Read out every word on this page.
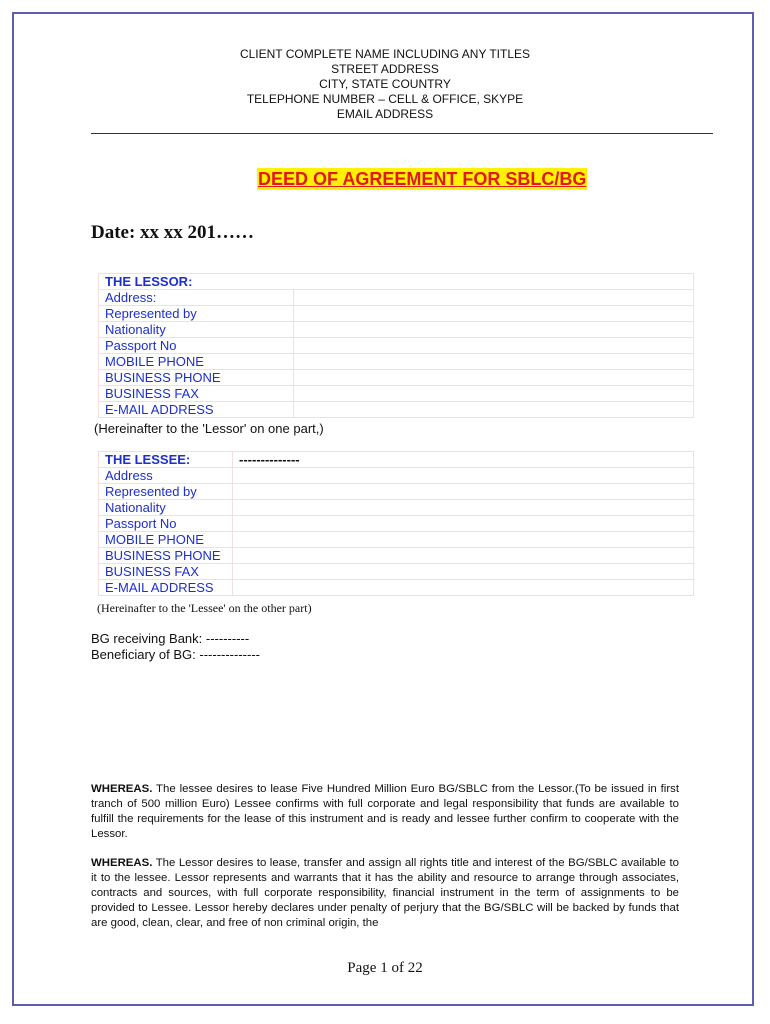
CLIENT COMPLETE NAME INCLUDING ANY TITLES
STREET ADDRESS
CITY, STATE COUNTRY
TELEPHONE NUMBER – CELL & OFFICE, SKYPE
EMAIL ADDRESS
DEED OF AGREEMENT FOR SBLC/BG
Date: xx xx 201……
THE LESSOR:	
Address:	
Represented by	
Nationality	
Passport No	
MOBILE PHONE	
BUSINESS PHONE	
BUSINESS FAX	
E-MAIL ADDRESS	
(Hereinafter to the 'Lessor' on one part,)
THE LESSEE:	--------------
Address	
Represented by	
Nationality	
Passport No	
MOBILE PHONE	
BUSINESS PHONE	
BUSINESS FAX	
E-MAIL ADDRESS	
(Hereinafter to the 'Lessee' on the other part)
BG receiving Bank: ----------
Beneficiary of BG: --------------
WHEREAS. The lessee desires to lease Five Hundred Million Euro BG/SBLC from the Lessor.(To be issued in first tranch of 500 million Euro) Lessee confirms with full corporate and legal responsibility that funds are available to fulfill the requirements for the lease of this instrument and is ready and lessee further confirm to cooperate with the Lessor.
WHEREAS. The Lessor desires to lease, transfer and assign all rights title and interest of the BG/SBLC available to it to the lessee. Lessor represents and warrants that it has the ability and resource to arrange through associates, contracts and sources, with full corporate responsibility, financial instrument in the term of assignments to be provided to Lessee. Lessor hereby declares under penalty of perjury that the BG/SBLC will be backed by funds that are good, clean, clear, and free of non criminal origin, the
Page 1 of 22
